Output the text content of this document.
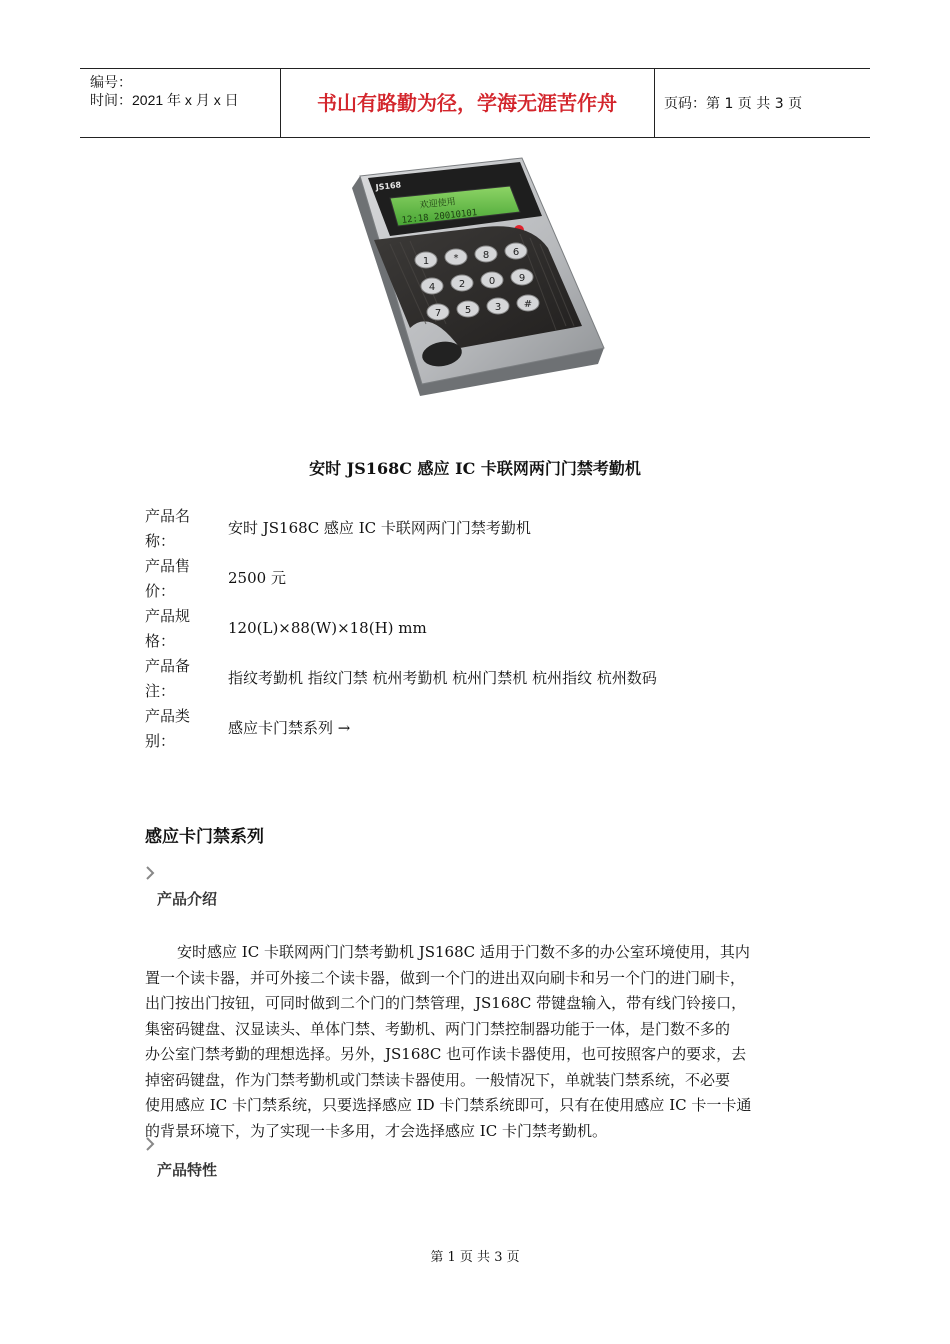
编号：
时间：2021 年 x 月 x 日	书山有路勤为径，学海无涯苦作舟	页码：第 1 页 共 3 页
JS168
欢迎使用
12:18 20010101
1
4
7
*
2
5
8
0
3
6
9
#
安时 JS168C 感应 IC 卡联网两门门禁考勤机
产品名称：
安时 JS168C 感应 IC 卡联网两门门禁考勤机
产品售价：
2500 元
产品规格：
120(L)×88(W)×18(H) mm
产品备注：
指纹考勤机 指纹门禁 杭州考勤机 杭州门禁机 杭州指纹 杭州数码
产品类别：
感应卡门禁系列 →
感应卡门禁系列
产品介绍
安时感应 IC 卡联网两门门禁考勤机 JS168C 适用于门数不多的办公室环境使用，其内
置一个读卡器，并可外接二个读卡器，做到一个门的进出双向刷卡和另一个门的进门刷卡，
出门按出门按钮，可同时做到二个门的门禁管理，JS168C 带键盘输入，带有线门铃接口，
集密码键盘、汉显读头、单体门禁、考勤机、两门门禁控制器功能于一体，是门数不多的
办公室门禁考勤的理想选择。另外，JS168C 也可作读卡器使用，也可按照客户的要求，去
掉密码键盘，作为门禁考勤机或门禁读卡器使用。一般情况下，单就装门禁系统，不必要
使用感应 IC 卡门禁系统，只要选择感应 ID 卡门禁系统即可，只有在使用感应 IC 卡一卡通
的背景环境下，为了实现一卡多用，才会选择感应 IC 卡门禁考勤机。
产品特性
第 1 页 共 3 页
